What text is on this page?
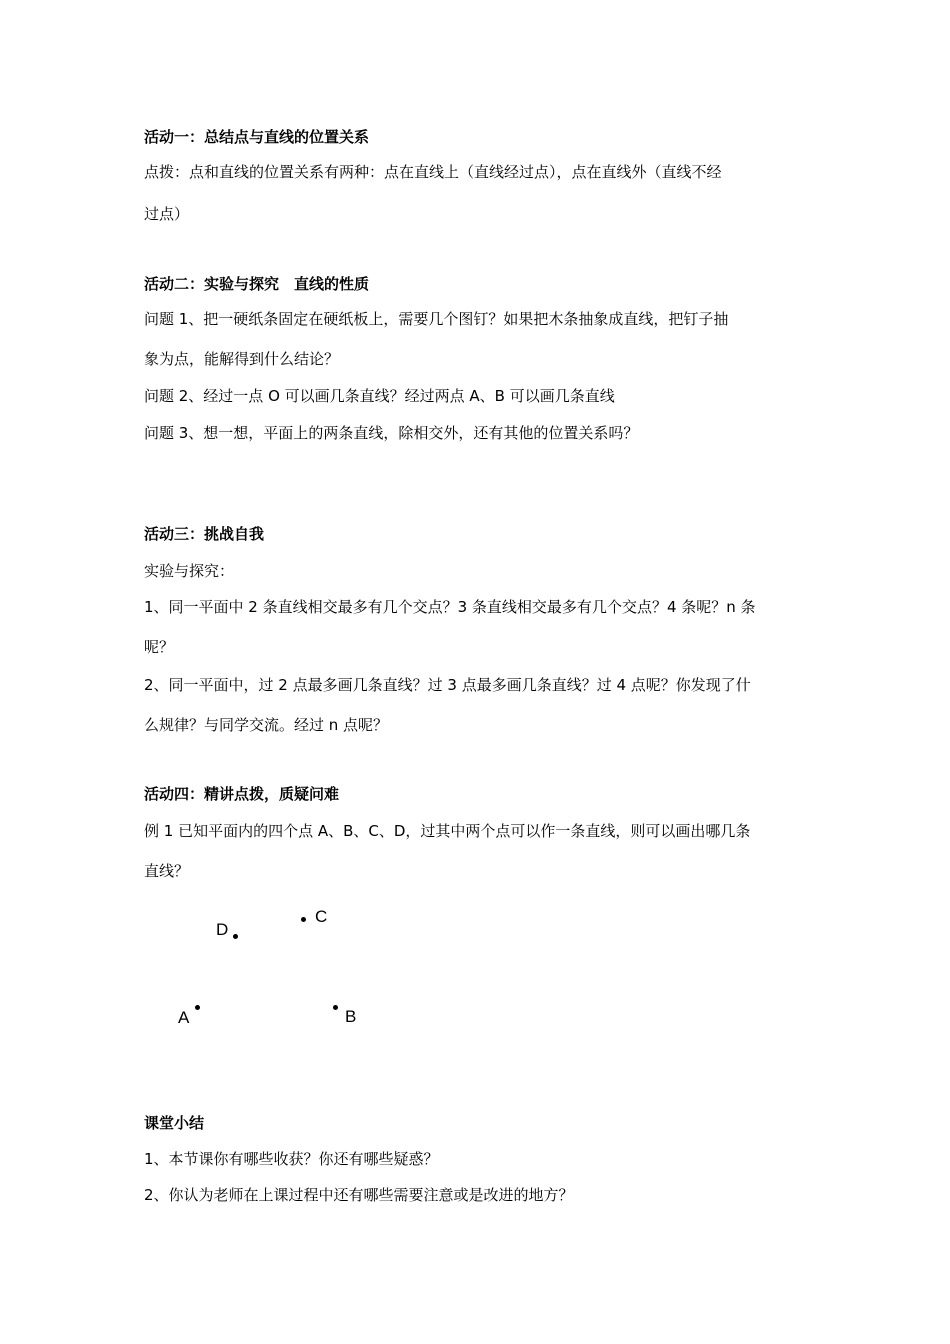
活动一：总结点与直线的位置关系
点拨：点和直线的位置关系有两种：点在直线上（直线经过点），点在直线外（直线不经
过点）
活动二：实验与探究　直线的性质
问题 1、把一硬纸条固定在硬纸板上，需要几个图钉？如果把木条抽象成直线，把钉子抽
象为点，能解得到什么结论？
问题 2、经过一点 O 可以画几条直线？经过两点 A、B 可以画几条直线
问题 3、想一想，平面上的两条直线，除相交外，还有其他的位置关系吗？
活动三：挑战自我
实验与探究：
1、同一平面中 2 条直线相交最多有几个交点？3 条直线相交最多有几个交点？4 条呢？n 条
呢？
2、同一平面中，过 2 点最多画几条直线？过 3 点最多画几条直线？过 4 点呢？你发现了什
么规律？与同学交流。经过 n 点呢？
活动四：精讲点拨，质疑问难
例 1 已知平面内的四个点 A、B、C、D，过其中两个点可以作一条直线，则可以画出哪几条
直线？
D
C
A	B
课堂小结
1、本节课你有哪些收获？你还有哪些疑惑？
2、你认为老师在上课过程中还有哪些需要注意或是改进的地方？
